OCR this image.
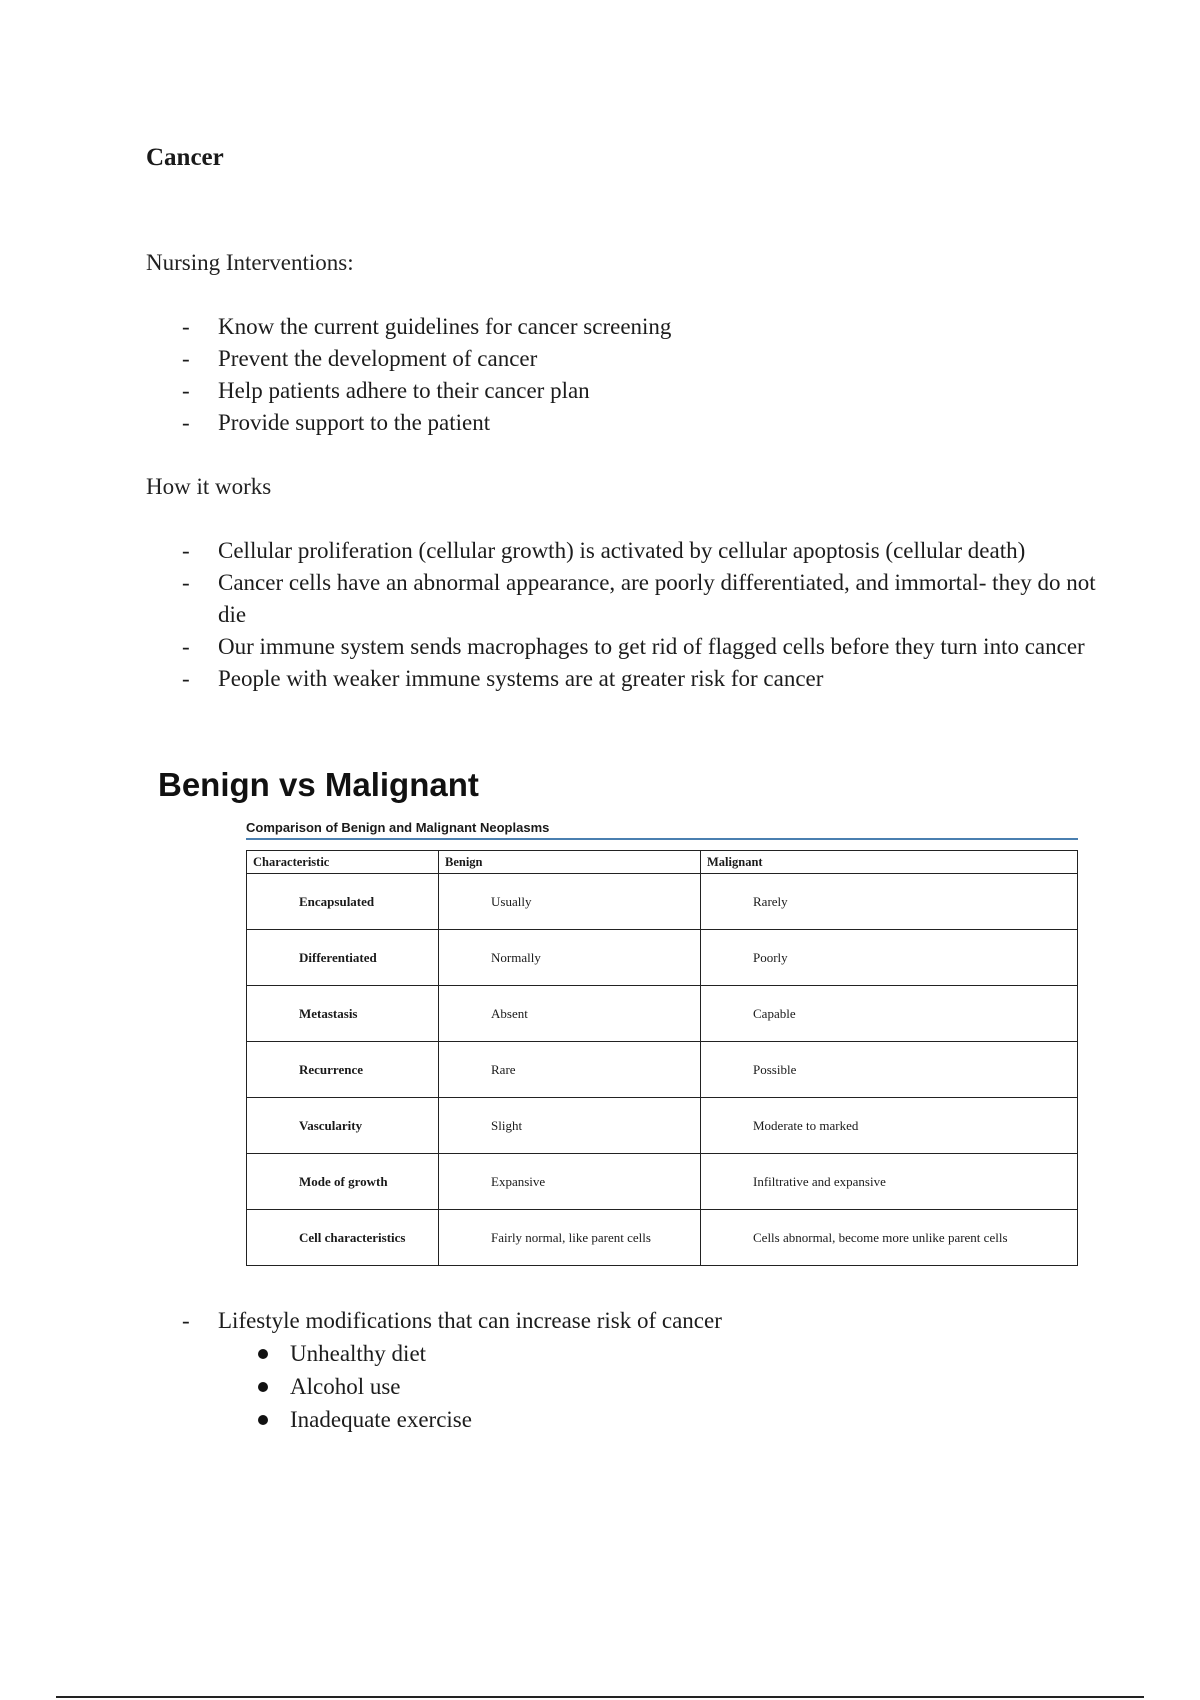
Cancer

Nursing Interventions:

- Know the current guidelines for cancer screening
- Prevent the development of cancer
- Help patients adhere to their cancer plan
- Provide support to the patient

How it works

- Cellular proliferation (cellular growth) is activated by cellular apoptosis (cellular death)
- Cancer cells have an abnormal appearance, are poorly differentiated, and immortal- they do not die
- Our immune system sends macrophages to get rid of flagged cells before they turn into cancer
- People with weaker immune systems are at greater risk for cancer
Benign vs Malignant

Comparison of Benign and Malignant Neoplasms

Characteristic	Benign	Malignant
Encapsulated	Usually	Rarely
Differentiated	Normally	Poorly
Metastasis	Absent	Capable
Recurrence	Rare	Possible
Vascularity	Slight	Moderate to marked
Mode of growth	Expansive	Infiltrative and expansive
Cell characteristics	Fairly normal, like parent cells	Cells abnormal, become more unlike parent cells
- Lifestyle modifications that can increase risk of cancer
Unhealthy diet
Alcohol use
Inadequate exercise
